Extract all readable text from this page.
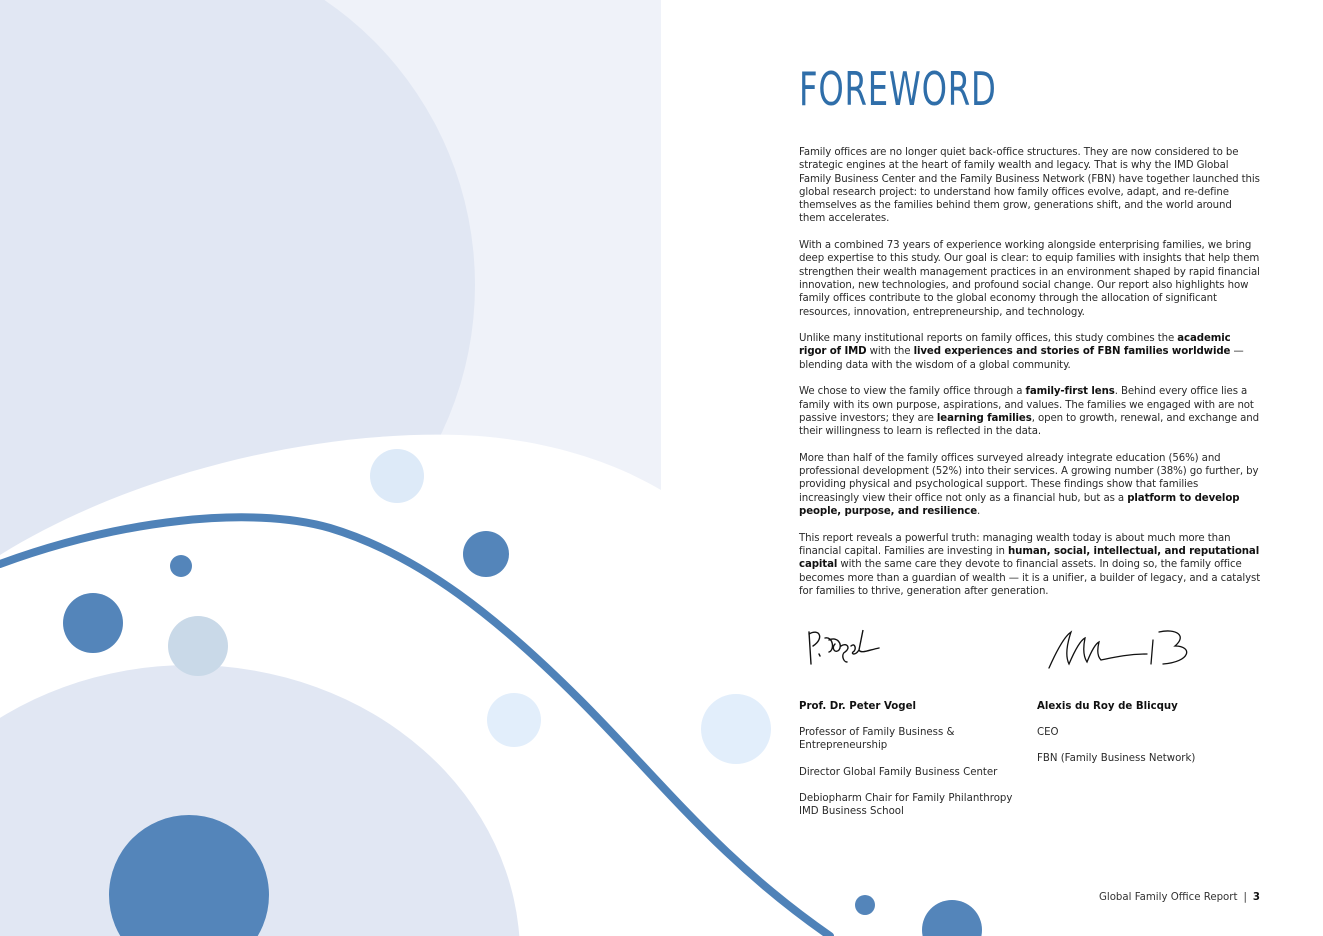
FOREWORD

Family offices are no longer quiet back-office structures. They are now considered to be strategic engines at the heart of family wealth and legacy. That is why the IMD Global Family Business Center and the Family Business Network (FBN) have together launched this global research project: to understand how family offices evolve, adapt, and re-define themselves as the families behind them grow, generations shift, and the world around them accelerates.

With a combined 73 years of experience working alongside enterprising families, we bring deep expertise to this study. Our goal is clear: to equip families with insights that help them strengthen their wealth management practices in an environment shaped by rapid financial innovation, new technologies, and profound social change. Our report also highlights how family offices contribute to the global economy through the allocation of significant resources, innovation, entrepreneurship, and technology.

Unlike many institutional reports on family offices, this study combines the academic rigor of IMD with the lived experiences and stories of FBN families worldwide — blending data with the wisdom of a global community.

We chose to view the family office through a family-first lens. Behind every office lies a family with its own purpose, aspirations, and values. The families we engaged with are not passive investors; they are learning families, open to growth, renewal, and exchange and their willingness to learn is reflected in the data.

More than half of the family offices surveyed already integrate education (56%) and professional development (52%) into their services. A growing number (38%) go further, by providing physical and psychological support. These findings show that families increasingly view their office not only as a financial hub, but as a platform to develop people, purpose, and resilience.

This report reveals a powerful truth: managing wealth today is about much more than financial capital. Families are investing in human, social, intellectual, and reputational capital with the same care they devote to financial assets. In doing so, the family office becomes more than a guardian of wealth — it is a unifier, a builder of legacy, and a catalyst for families to thrive, generation after generation.

Prof. Dr. Peter Vogel
Professor of Family Business &
Entrepreneurship
Director Global Family Business Center
Debiopharm Chair for Family Philanthropy
IMD Business School
Alexis du Roy de Blicquy
CEO
FBN (Family Business Network)
Global Family Office Report | 3
